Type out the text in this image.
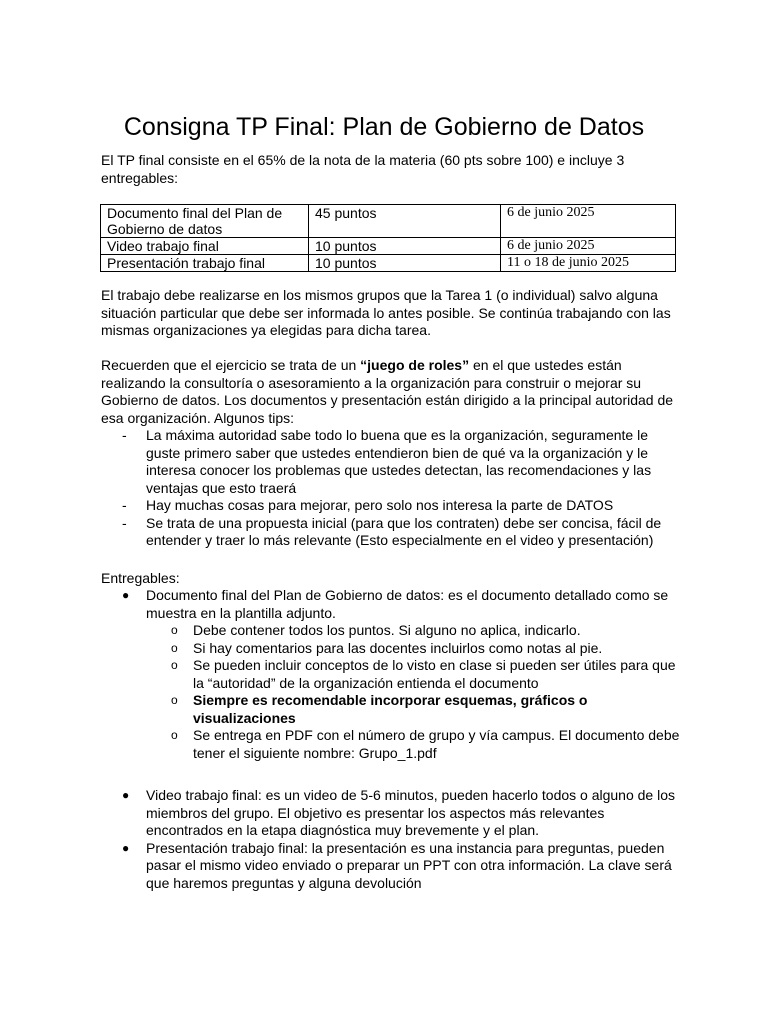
Consigna TP Final: Plan de Gobierno de Datos

El TP final consiste en el 65% de la nota de la materia (60 pts sobre 100) e incluye 3 entregables:

Documento final del Plan de Gobierno de datos	45 puntos	6 de junio 2025
Video trabajo final	10 puntos	6 de junio 2025
Presentación trabajo final	10 puntos	11 o 18 de junio 2025

El trabajo debe realizarse en los mismos grupos que la Tarea 1 (o individual) salvo alguna situación particular que debe ser informada lo antes posible. Se continúa trabajando con las mismas organizaciones ya elegidas para dicha tarea.

Recuerden que el ejercicio se trata de un “juego de roles” en el que ustedes están realizando la consultoría o asesoramiento a la organización para construir o mejorar su Gobierno de datos. Los documentos y presentación están dirigido a la principal autoridad de esa organización. Algunos tips:

- La máxima autoridad sabe todo lo buena que es la organización, seguramente le guste primero saber que ustedes entendieron bien de qué va la organización y le interesa conocer los problemas que ustedes detectan, las recomendaciones y las ventajas que esto traerá
- Hay muchas cosas para mejorar, pero solo nos interesa la parte de DATOS
- Se trata de una propuesta inicial (para que los contraten) debe ser concisa, fácil de entender y traer lo más relevante (Esto especialmente en el video y presentación)

Entregables:

● Documento final del Plan de Gobierno de datos: es el documento detallado como se muestra en la plantilla adjunto.
o Debe contener todos los puntos. Si alguno no aplica, indicarlo.
o Si hay comentarios para las docentes incluirlos como notas al pie.
o Se pueden incluir conceptos de lo visto en clase si pueden ser útiles para que la “autoridad” de la organización entienda el documento
o Siempre es recomendable incorporar esquemas, gráficos o visualizaciones
o Se entrega en PDF con el número de grupo y vía campus. El documento debe tener el siguiente nombre: Grupo_1.pdf
● Video trabajo final: es un video de 5-6 minutos, pueden hacerlo todos o alguno de los miembros del grupo. El objetivo es presentar los aspectos más relevantes encontrados en la etapa diagnóstica muy brevemente y el plan.
● Presentación trabajo final: la presentación es una instancia para preguntas, pueden pasar el mismo video enviado o preparar un PPT con otra información. La clave será que haremos preguntas y alguna devolución
